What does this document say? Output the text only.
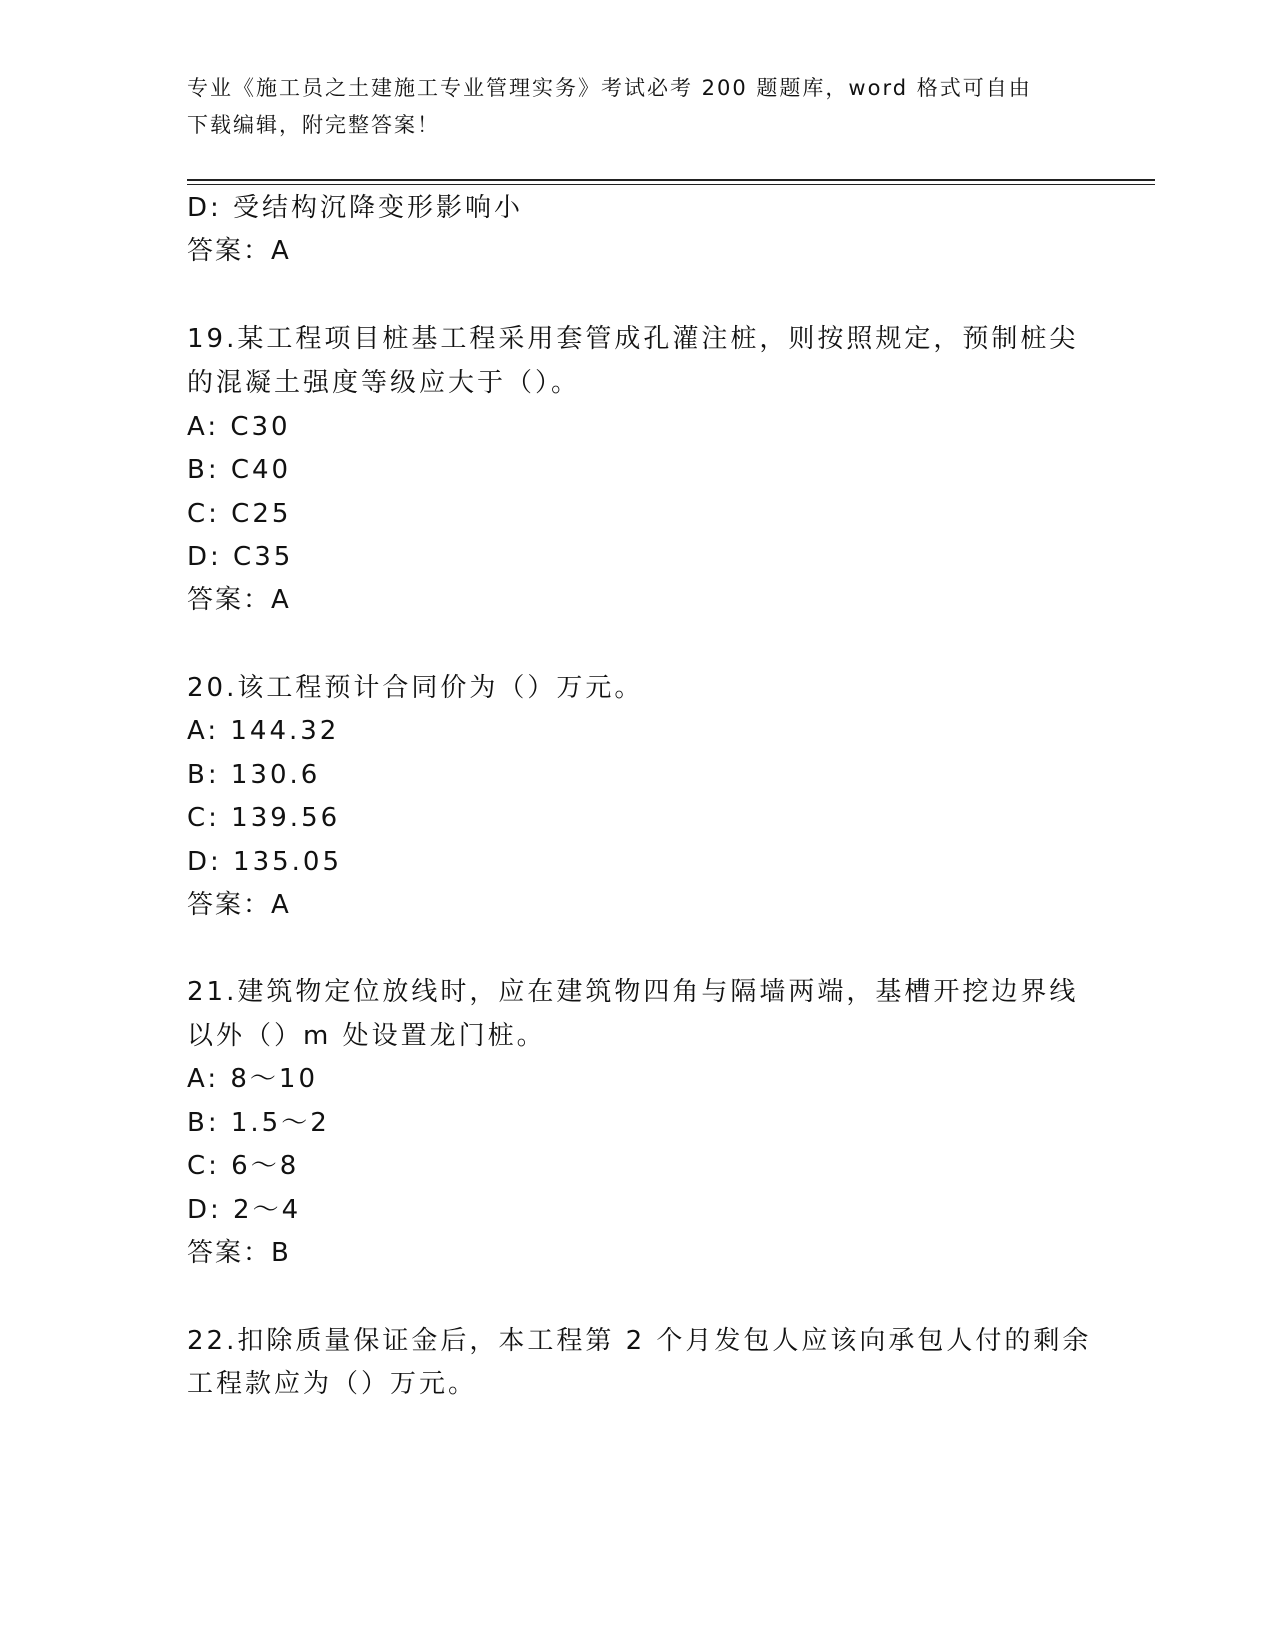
专业《施工员之土建施工专业管理实务》考试必考 200 题题库，word 格式可自由
下载编辑，附完整答案！
D: 受结构沉降变形影响小
答案：A
19.某工程项目桩基工程采用套管成孔灌注桩，则按照规定，预制桩尖
的混凝土强度等级应大于（）。
A: C30
B: C40
C: C25
D: C35
答案：A
20.该工程预计合同价为（）万元。
A: 144.32
B: 130.6
C: 139.56
D: 135.05
答案：A
21.建筑物定位放线时，应在建筑物四角与隔墙两端，基槽开挖边界线
以外（）m 处设置龙门桩。
A: 8～10
B: 1.5～2
C: 6～8
D: 2～4
答案：B
22.扣除质量保证金后，本工程第 2 个月发包人应该向承包人付的剩余
工程款应为（）万元。
